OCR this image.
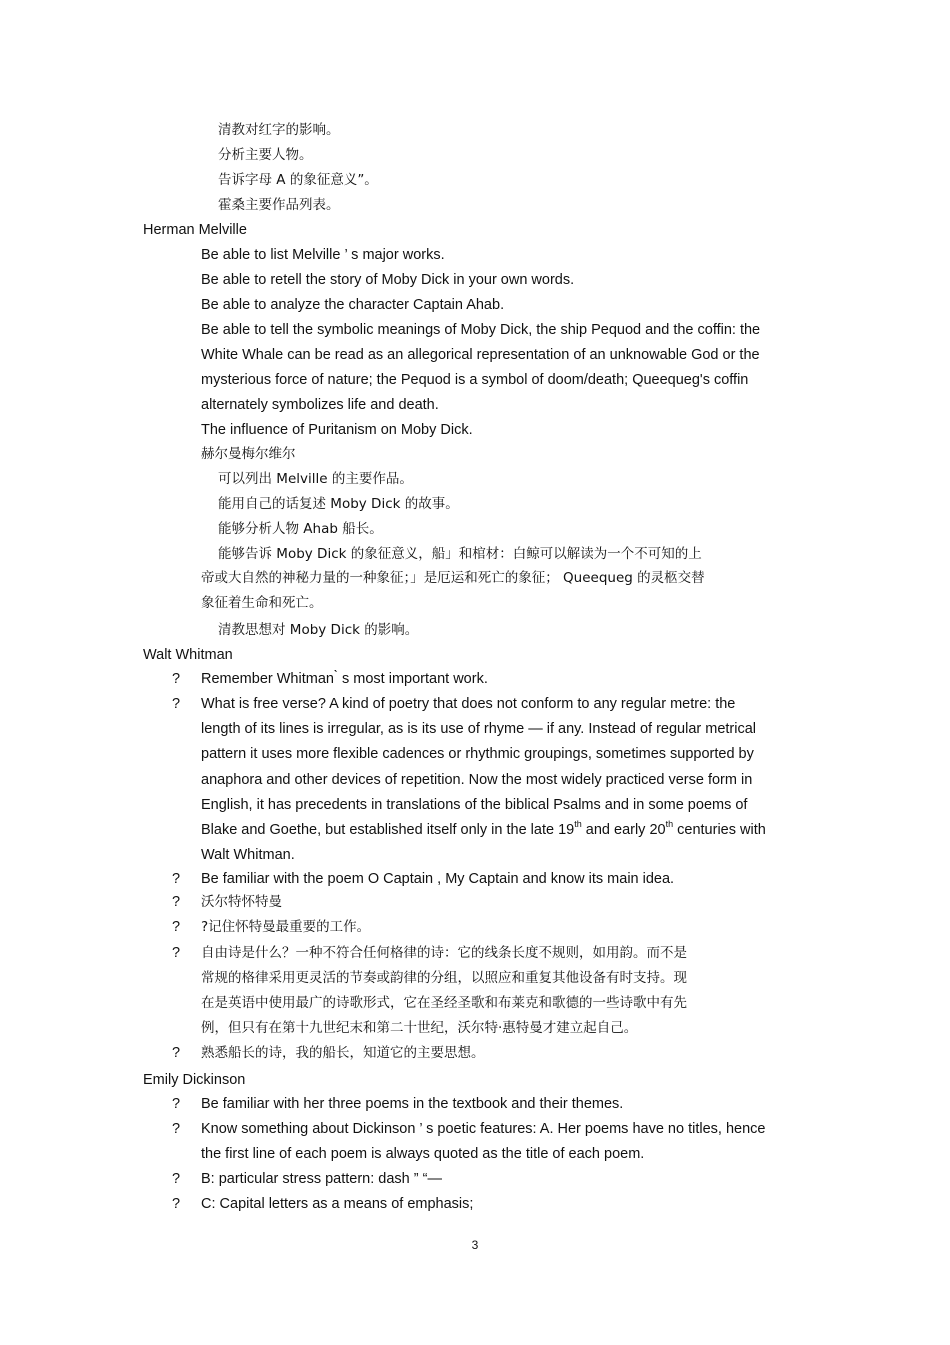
清教对红字的影响。
分析主要人物。
告诉字母 A 的象征意义”。
霍桑主要作品列表。
Herman Melville
Be able to list Melville ’ s major works.
Be able to retell the story of Moby Dick in your own words.
Be able to analyze the character Captain Ahab.
Be able to tell the symbolic meanings of Moby Dick, the ship Pequod and the coffin: the
White Whale can be read as an allegorical representation of an unknowable God or the
mysterious force of nature; the Pequod is a symbol of doom/death; Queequeg's coffin
alternately symbolizes life and death.
The influence of Puritanism on Moby Dick.
赫尔曼梅尔维尔
可以列出 Melville 的主要作品。
能用自己的话复述 Moby Dick 的故事。
能够分析人物 Ahab 船长。
能够告诉 Moby Dick 的象征意义，船」和棺材：白鲸可以解读为一个不可知的上
帝或大自然的神秘力量的一种象征；」是厄运和死亡的象征； Queequeg 的灵柩交替
象征着生命和死亡。
清教思想对 Moby Dick 的影响。
Walt Whitman
? Remember Whitman ̀ s most important work.
? What is free verse? A kind of poetry that does not conform to any regular metre: the
length of its lines is irregular, as is its use of rhyme — if any. Instead of regular metrical
pattern it uses more flexible cadences or rhythmic groupings, sometimes supported by
anaphora and other devices of repetition. Now the most widely practiced verse form in
English, it has precedents in translations of the biblical Psalms and in some poems of
Blake and Goethe, but established itself only in the late 19th and early 20th centuries with
Walt Whitman.
? Be familiar with the poem O Captain , My Captain and know its main idea.
? 沃尔特怀特曼
? ?记住怀特曼最重要的工作。
? 自由诗是什么？一种不符合任何格律的诗：它的线条长度不规则，如用韵。而不是
常规的格律采用更灵活的节奏或韵律的分组，以照应和重复其他设备有时支持。现
在是英语中使用最广的诗歌形式，它在圣经圣歌和布莱克和歌德的一些诗歌中有先
例，但只有在第十九世纪末和第二十世纪，沃尔特·惠特曼才建立起自己。
? 熟悉船长的诗，我的船长，知道它的主要思想。
Emily Dickinson
? Be familiar with her three poems in the textbook and their themes.
? Know something about Dickinson ’ s poetic features: A. Her poems have no titles, hence
the first line of each poem is always quoted as the title of each poem.
? B: particular stress pattern: dash ” “—
? C: Capital letters as a means of emphasis;
3
